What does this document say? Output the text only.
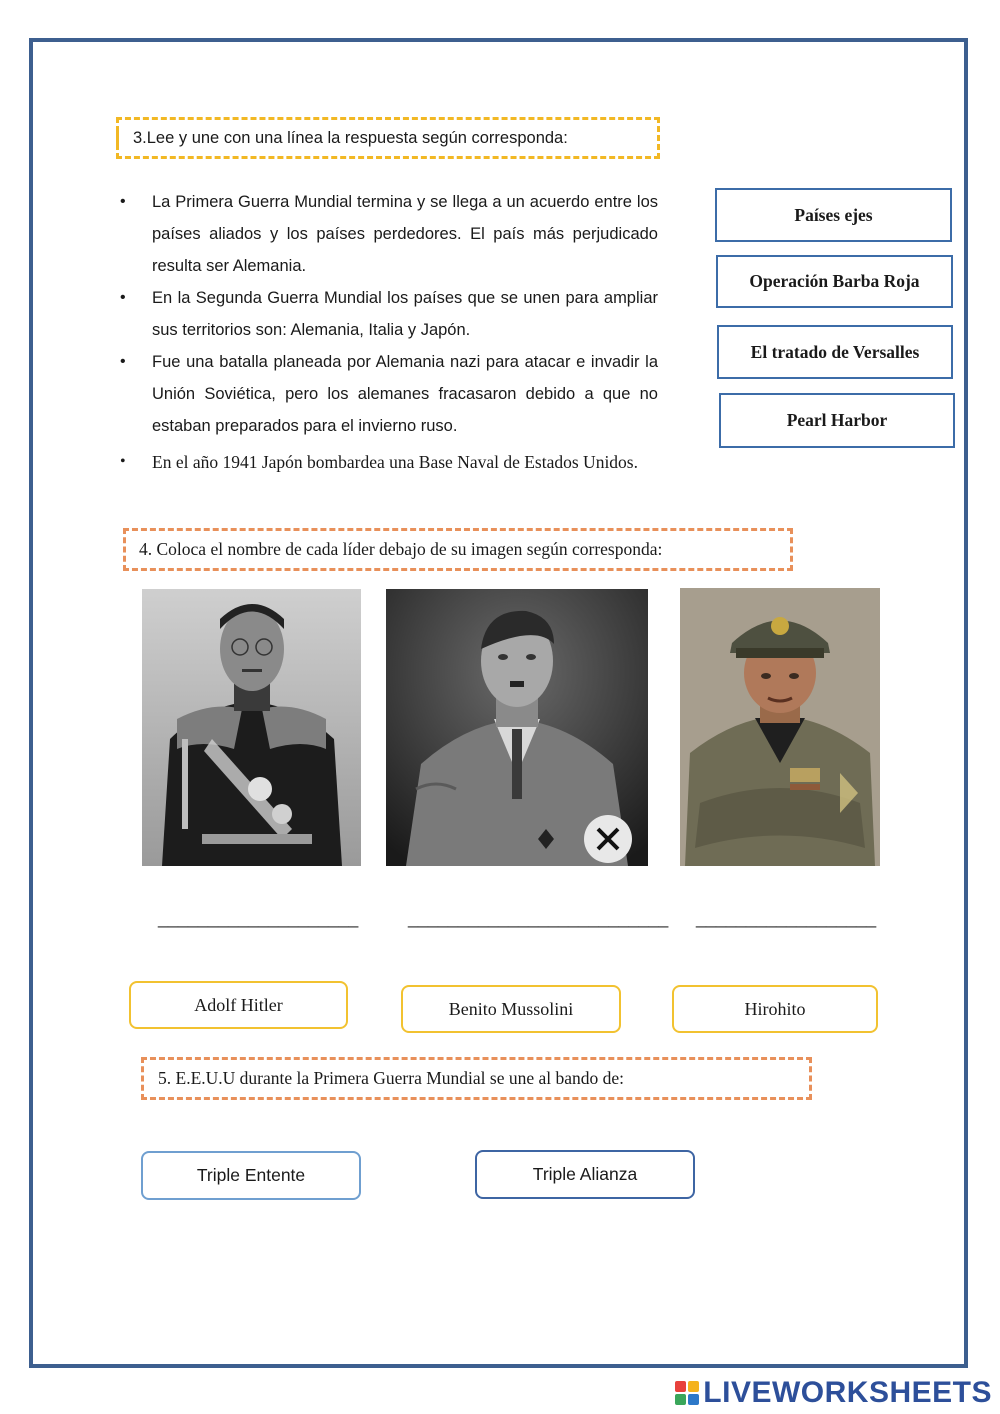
3.Lee y une con una línea la respuesta según corresponda:
• La Primera Guerra Mundial termina y se llega a un acuerdo entre los países aliados y los países perdedores. El país más perjudicado resulta ser Alemania.
• En la Segunda Guerra Mundial los países que se unen para ampliar sus territorios son: Alemania, Italia y Japón.
• Fue una batalla planeada por Alemania nazi para atacar e invadir la Unión Soviética, pero los alemanes fracasaron debido a que no estaban preparados para el invierno ruso.
• En el año 1941 Japón bombardea una Base Naval de Estados Unidos.
Países ejes
Operación Barba Roja
El tratado de Versalles
Pearl Harbor
4. Coloca el nombre de cada líder debajo de su imagen según corresponda:
____________________	__________________________ __________________
Adolf Hitler	Benito Mussolini	Hirohito
5. E.E.U.U durante la Primera Guerra Mundial se une al bando de:
Triple Entente	Triple Alianza
LIVEWORKSHEETS
